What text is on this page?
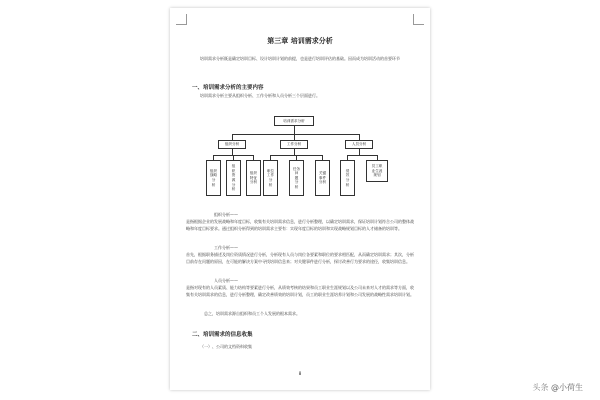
第三章 培训需求分析
培训需求分析既是确定培训目标、设计培训计划的前提，也是进行培训评估的基础。因而成为培训活动的首要环节
一、培训需求分析的主要内容
培训需求分析主要从组织分析、工作分析和人员分析三个层面进行。
培训需求分析
组织分析	工作分析	人员分析
组织
战略
分
析
组
织
资
源
分
析
组织
特征
分析
职位
工作
分
析
任务
问
题
分
析
关键
事件
分析
绩
效
分
析
员工职
业生涯
规划
组织分析——
是指根据企业的发展战略和年度目标，收集有关培训需求信息，进行分析整理，以确定培训需求，保证培训计划符合公司的整体战略和年度目标要求。通过组织分析得到的培训需求主要有：实现年度目标的培训和实现战略规划目标的人才储备的培训等。
工作分析——
首先，根据职务描述及岗位资质情况进行分析，分析现有人员与岗位各要素和职位的要求相匹配，从而确定培训需求；其次，分析目前存在问题的原因，在可能的解决方案中寻找培训信息来；对关键事件进行分析，探讨改善行为要求的途径，收集培训信息。
人员分析——
是指对现有的人员素质、能力结构等要素进行分析，从绩效考核的结果和员工职业生涯规划以及公司未来对人才的需求等方面，收集有关培训需求的信息，进行分析整理，确定改善绩效的培训计划，员工的职业生涯培养计划和公司发展的战略性需求培训计划。
总之，培训需求源自组织和员工个人发展的根本需求。
二、培训需求的信息收集
（一）、公司的文档资料收集
8
头条 @小荷生
